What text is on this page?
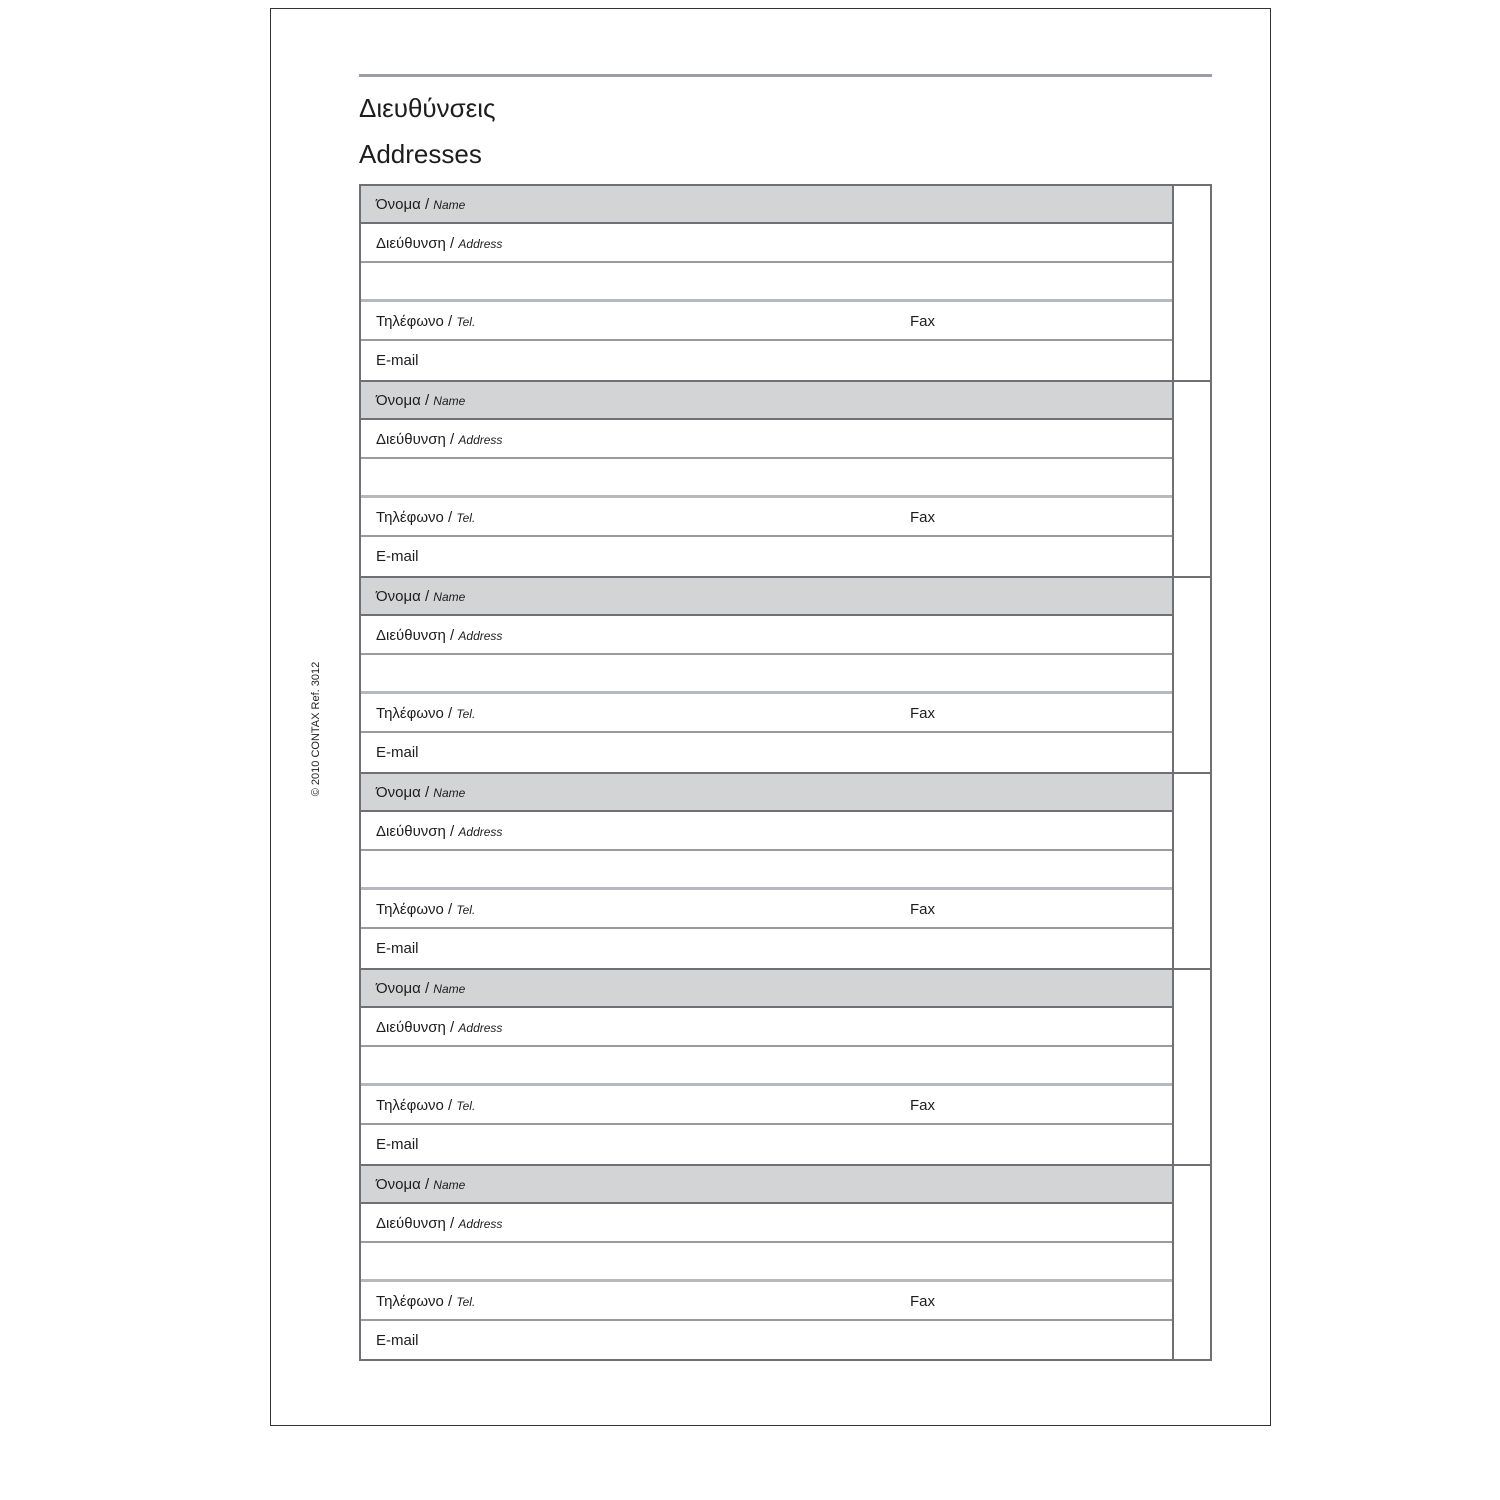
Διευθύνσεις
Addresses
© 2010 CONTAX Ref. 3012
Όνομα / Name
Διεύθυνση / Address
Τηλέφωνο / Tel.	Fax
E-mail
Όνομα / Name
Διεύθυνση / Address
Τηλέφωνο / Tel.	Fax
E-mail
Όνομα / Name
Διεύθυνση / Address
Τηλέφωνο / Tel.	Fax
E-mail
Όνομα / Name
Διεύθυνση / Address
Τηλέφωνο / Tel.	Fax
E-mail
Όνομα / Name
Διεύθυνση / Address
Τηλέφωνο / Tel.	Fax
E-mail
Όνομα / Name
Διεύθυνση / Address
Τηλέφωνο / Tel.	Fax
E-mail
